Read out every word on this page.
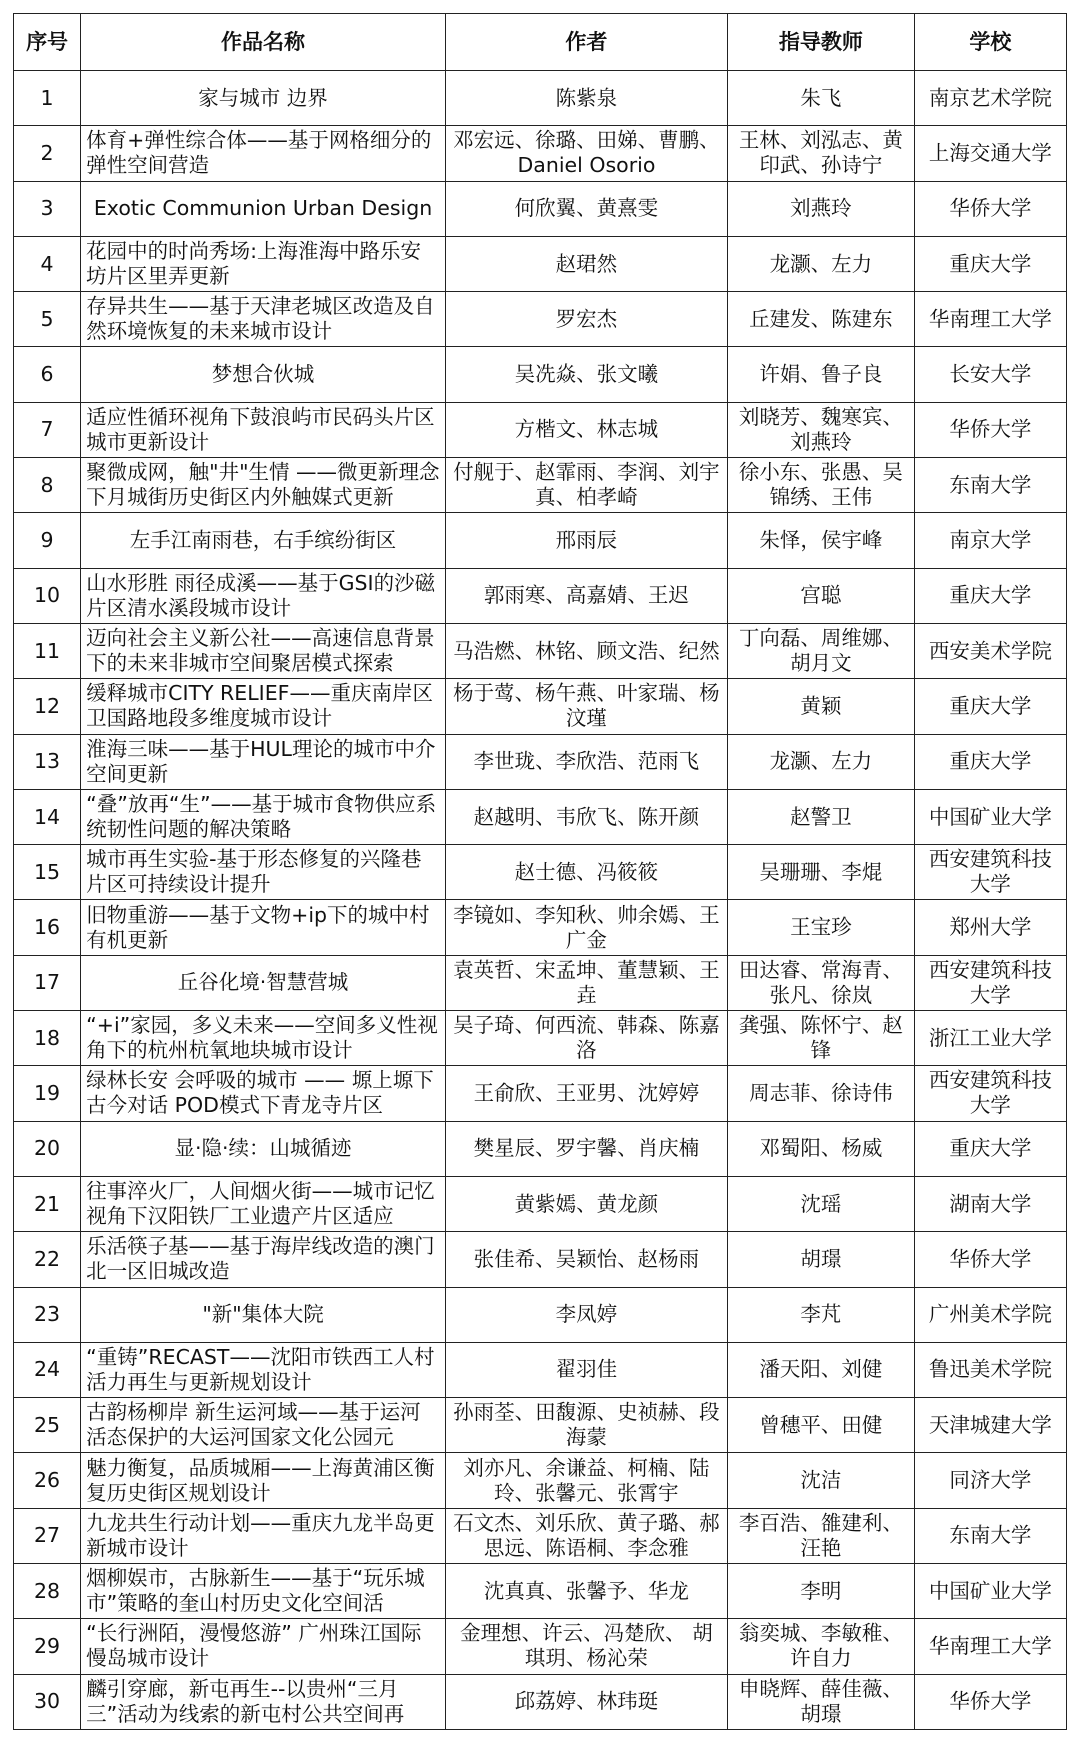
序号	作品名称	作者	指导教师	学校

1	家与城市 边界	陈紫泉	朱飞	南京艺术学院

2	体育+弹性综合体——基于网格细分的弹性空间营造	邓宏远、徐璐、田娣、曹鹏、Daniel Osorio	王林、刘泓志、黄印武、孙诗宁	上海交通大学

3	Exotic Communion Urban Design	何欣翼、黄熹雯	刘燕玲	华侨大学

4	花园中的时尚秀场:上海淮海中路乐安坊片区里弄更新	赵珺然	龙灏、左力	重庆大学

5	存异共生——基于天津老城区改造及自然环境恢复的未来城市设计	罗宏杰	丘建发、陈建东	华南理工大学

6	梦想合伙城	吴冼焱、张文曦	许娟、鲁子良	长安大学

7	适应性循环视角下鼓浪屿市民码头片区城市更新设计	方楷文、林志城	刘晓芳、魏寒宾、刘燕玲	华侨大学

8	聚微成网，触"井"生情 ——微更新理念下月城街历史街区内外触媒式更新	付舰于、赵霏雨、李润、刘宇真、柏孝崎	徐小东、张愚、吴锦绣、王伟	东南大学

9	左手江南雨巷，右手缤纷街区	邢雨辰	朱怿，侯宇峰	南京大学

10	山水形胜 雨径成溪——基于GSI的沙磁片区清水溪段城市设计	郭雨寒、高嘉婧、王迟	宫聪	重庆大学

11	迈向社会主义新公社——高速信息背景下的未来非城市空间聚居模式探索	马浩燃、林铭、顾文浩、纪然	丁向磊、周维娜、胡月文	西安美术学院

12	缓释城市CITY RELIEF——重庆南岸区卫国路地段多维度城市设计	杨于莺、杨午燕、叶家瑞、杨汶瑾	黄颖	重庆大学

13	淮海三味——基于HUL理论的城市中介空间更新	李世珑、李欣浩、范雨飞	龙灏、左力	重庆大学

14	“叠”放再“生”——基于城市食物供应系统韧性问题的解决策略	赵越明、韦欣飞、陈开颜	赵警卫	中国矿业大学

15	城市再生实验-基于形态修复的兴隆巷片区可持续设计提升	赵士德、冯筱筱	吴珊珊、李焜	西安建筑科技大学

16	旧物重游——基于文物+ip下的城中村有机更新	李镜如、李知秋、帅余嫣、王广金	王宝珍	郑州大学

17	丘谷化境·智慧营城	袁英哲、宋孟坤、董慧颖、王垚	田达睿、常海青、张凡、徐岚	西安建筑科技大学

18	“+i”家园，多义未来——空间多义性视角下的杭州杭氧地块城市设计	吴子琦、何西流、韩森、陈嘉洛	龚强、陈怀宁、赵锋	浙江工业大学

19	绿林长安 会呼吸的城市 —— 塬上塬下古今对话 POD模式下青龙寺片区	王俞欣、王亚男、沈婷婷	周志菲、徐诗伟	西安建筑科技大学

20	显·隐·续：山城循迹	樊星辰、罗宇馨、肖庆楠	邓蜀阳、杨威	重庆大学

21	往事淬火厂，人间烟火街——城市记忆视角下汉阳铁厂工业遗产片区适应	黄紫嫣、黄龙颜	沈瑶	湖南大学

22	乐活筷子基——基于海岸线改造的澳门北一区旧城改造	张佳希、吴颖怡、赵杨雨	胡璟	华侨大学

23	"新"集体大院	李凤婷	李芃	广州美术学院

24	“重铸”RECAST——沈阳市铁西工人村活力再生与更新规划设计	翟羽佳	潘天阳、刘健	鲁迅美术学院

25	古韵杨柳岸 新生运河域——基于运河活态保护的大运河国家文化公园元	孙雨荃、田馥源、史祯赫、段海蒙	曾穗平、田健	天津城建大学

26	魅力衡复，品质城厢——上海黄浦区衡复历史街区规划设计	刘亦凡、余谦益、柯楠、陆玲、张馨元、张霄宇	沈洁	同济大学

27	九龙共生行动计划——重庆九龙半岛更新城市设计	石文杰、刘乐欣、黄子璐、郝思远、陈语桐、李念雅	李百浩、雒建利、汪艳	东南大学

28	烟柳娱市，古脉新生——基于“玩乐城市”策略的奎山村历史文化空间活	沈真真、张馨予、华龙	李明	中国矿业大学

29	“长行洲陌，漫慢悠游” 广州珠江国际慢岛城市设计	金理想、许云、冯楚欣、 胡琪玥、杨沁荣	翁奕城、李敏稚、许自力	华南理工大学

30	麟引穿廊，新屯再生--以贵州“三月三”活动为线索的新屯村公共空间再	邱荔婷、林玮珽	申晓辉、薛佳薇、胡璟	华侨大学
